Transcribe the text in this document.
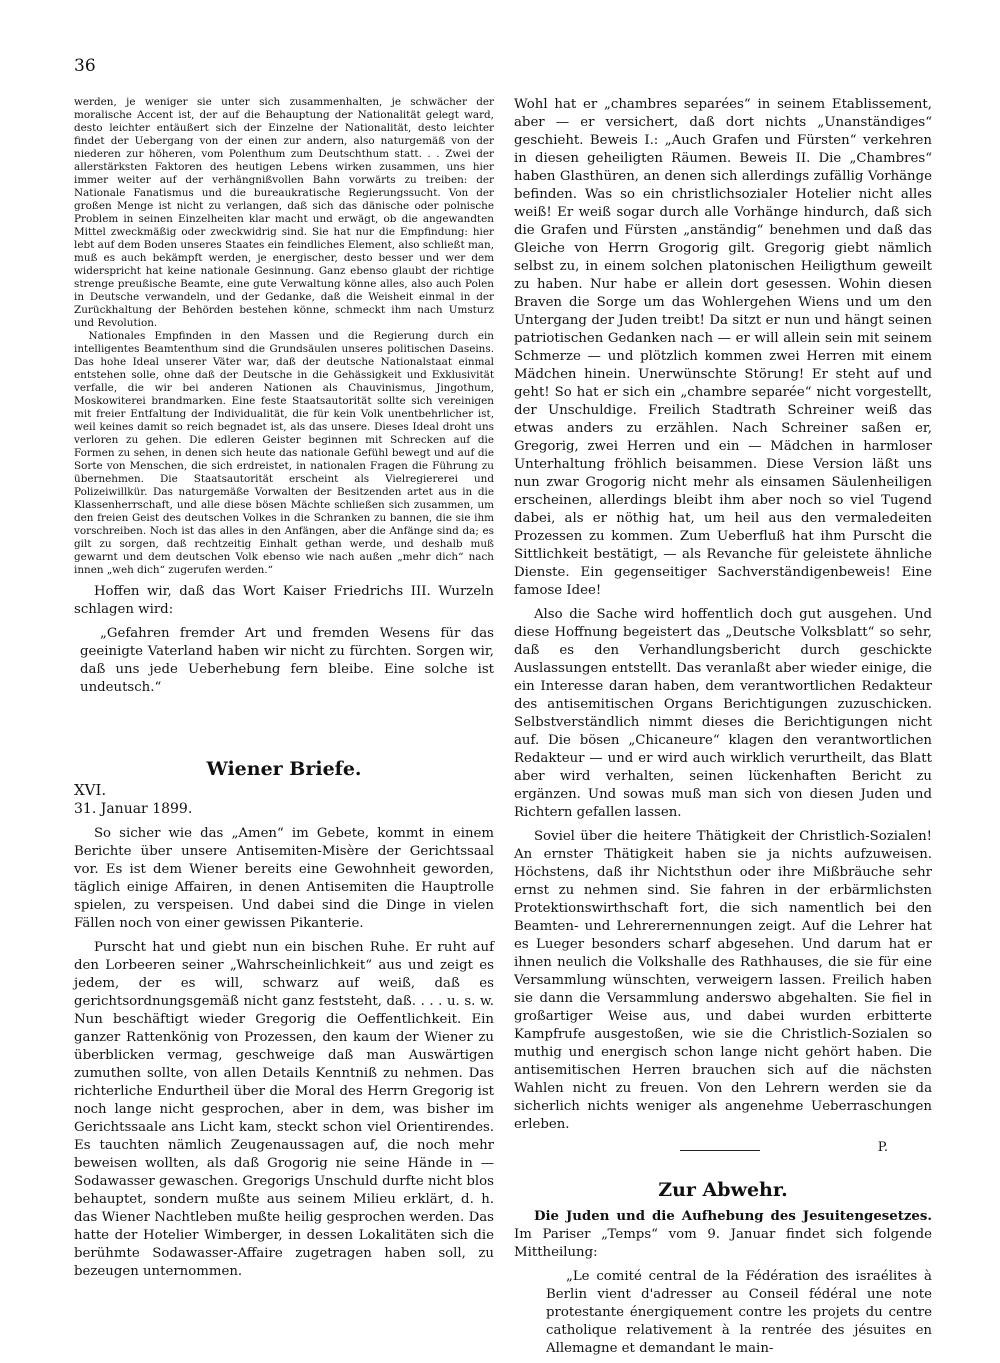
36

werden, je weniger sie unter sich zusammenhalten, je schwächer der moralische Accent ist, der auf die Behauptung der Nationalität gelegt ward, desto leichter entäußert sich der Einzelne der Nationalität, desto leichter findet der Uebergang von der einen zur andern, also naturgemäß von der niederen zur höheren, vom Polenthum zum Deutschthum statt. . . Zwei der allerstärksten Faktoren des heutigen Lebens wirken zusammen, uns hier immer weiter auf der verhängnißvollen Bahn vorwärts zu treiben: der Nationale Fanatismus und die bureaukratische Regierungssucht. Von der großen Menge ist nicht zu verlangen, daß sich das dänische oder polnische Problem in seinen Einzelheiten klar macht und erwägt, ob die angewandten Mittel zweckmäßig oder zweckwidrig sind. Sie hat nur die Empfindung: hier lebt auf dem Boden unseres Staates ein feindliches Element, also schließt man, muß es auch bekämpft werden, je energischer, desto besser und wer dem widerspricht hat keine nationale Gesinnung. Ganz ebenso glaubt der richtige strenge preußische Beamte, eine gute Verwaltung könne alles, also auch Polen in Deutsche verwandeln, und der Gedanke, daß die Weisheit einmal in der Zurückhaltung der Behörden bestehen könne, schmeckt ihm nach Umsturz und Revolution.

Nationales Empfinden in den Massen und die Regierung durch ein intelligentes Beamtenthum sind die Grundsäulen unseres politischen Daseins. Das hohe Ideal unserer Väter war, daß der deutsche Nationalstaat einmal entstehen solle, ohne daß der Deutsche in die Gehässigkeit und Exklusivität verfalle, die wir bei anderen Nationen als Chauvinismus, Jingothum, Moskowiterei brandmarken. Eine feste Staatsautorität sollte sich vereinigen mit freier Entfaltung der Individualität, die für kein Volk unentbehrlicher ist, weil keines damit so reich begnadet ist, als das unsere. Dieses Ideal droht uns verloren zu gehen. Die edleren Geister beginnen mit Schrecken auf die Formen zu sehen, in denen sich heute das nationale Gefühl bewegt und auf die Sorte von Menschen, die sich erdreistet, in nationalen Fragen die Führung zu übernehmen. Die Staatsautorität erscheint als Vielregiererei und Polizeiwillkür. Das naturgemäße Vorwalten der Besitzenden artet aus in die Klassenherrschaft, und alle diese bösen Mächte schließen sich zusammen, um den freien Geist des deutschen Volkes in die Schranken zu bannen, die sie ihm vorschreiben. Noch ist das alles in den Anfängen, aber die Anfänge sind da; es gilt zu sorgen, daß rechtzeitig Einhalt gethan werde, und deshalb muß gewarnt und dem deutschen Volk ebenso wie nach außen „mehr dich“ nach innen „weh dich“ zugerufen werden.“

Hoffen wir, daß das Wort Kaiser Friedrichs III. Wurzeln schlagen wird:

„Gefahren fremder Art und fremden Wesens für das geeinigte Vaterland haben wir nicht zu fürchten. Sorgen wir, daß uns jede Ueberhebung fern bleibe. Eine solche ist undeutsch.“

Wiener Briefe.

XVI.

31. Januar 1899.

So sicher wie das „Amen“ im Gebete, kommt in einem Berichte über unsere Antisemiten-Misère der Gerichtssaal vor. Es ist dem Wiener bereits eine Gewohnheit geworden, täglich einige Affairen, in denen Antisemiten die Hauptrolle spielen, zu verspeisen. Und dabei sind die Dinge in vielen Fällen noch von einer gewissen Pikanterie.

Purscht hat und giebt nun ein bischen Ruhe. Er ruht auf den Lorbeeren seiner „Wahrscheinlichkeit“ aus und zeigt es jedem, der es will, schwarz auf weiß, daß es gerichtsordnungsgemäß nicht ganz feststeht, daß. . . . u. s. w. Nun beschäftigt wieder Gregorig die Oeffentlichkeit. Ein ganzer Rattenkönig von Prozessen, den kaum der Wiener zu überblicken vermag, geschweige daß man Auswärtigen zumuthen sollte, von allen Details Kenntniß zu nehmen. Das richterliche Endurtheil über die Moral des Herrn Gregorig ist noch lange nicht gesprochen, aber in dem, was bisher im Gerichtssaale ans Licht kam, steckt schon viel Orientirendes. Es tauchten nämlich Zeugenaussagen auf, die noch mehr beweisen wollten, als daß Grogorig nie seine Hände in — Sodawasser gewaschen. Gregorigs Unschuld durfte nicht blos behauptet, sondern mußte aus seinem Milieu erklärt, d. h. das Wiener Nachtleben mußte heilig gesprochen werden. Das hatte der Hotelier Wimberger, in dessen Lokalitäten sich die berühmte Sodawasser-Affaire zugetragen haben soll, zu bezeugen unternommen.

Wohl hat er „chambres separées“ in seinem Etablissement, aber — er versichert, daß dort nichts „Unanständiges“ geschieht. Beweis I.: „Auch Grafen und Fürsten“ verkehren in diesen geheiligten Räumen. Beweis II. Die „Chambres“ haben Glasthüren, an denen sich allerdings zufällig Vorhänge befinden. Was so ein christlichsozialer Hotelier nicht alles weiß! Er weiß sogar durch alle Vorhänge hindurch, daß sich die Grafen und Fürsten „anständig“ benehmen und daß das Gleiche von Herrn Grogorig gilt. Gregorig giebt nämlich selbst zu, in einem solchen platonischen Heiligthum geweilt zu haben. Nur habe er allein dort gesessen. Wohin diesen Braven die Sorge um das Wohlergehen Wiens und um den Untergang der Juden treibt! Da sitzt er nun und hängt seinen patriotischen Gedanken nach — er will allein sein mit seinem Schmerze — und plötzlich kommen zwei Herren mit einem Mädchen hinein. Unerwünschte Störung! Er steht auf und geht! So hat er sich ein „chambre separée“ nicht vorgestellt, der Unschuldige. Freilich Stadtrath Schreiner weiß das etwas anders zu erzählen. Nach Schreiner saßen er, Gregorig, zwei Herren und ein — Mädchen in harmloser Unterhaltung fröhlich beisammen. Diese Version läßt uns nun zwar Grogorig nicht mehr als einsamen Säulenheiligen erscheinen, allerdings bleibt ihm aber noch so viel Tugend dabei, als er nöthig hat, um heil aus den vermaledeiten Prozessen zu kommen. Zum Ueberfluß hat ihm Purscht die Sittlichkeit bestätigt, — als Revanche für geleistete ähnliche Dienste. Ein gegenseitiger Sachverständigenbeweis! Eine famose Idee!

Also die Sache wird hoffentlich doch gut ausgehen. Und diese Hoffnung begeistert das „Deutsche Volksblatt“ so sehr, daß es den Verhandlungsbericht durch geschickte Auslassungen entstellt. Das veranlaßt aber wieder einige, die ein Interesse daran haben, dem verantwortlichen Redakteur des antisemitischen Organs Berichtigungen zuzuschicken. Selbstverständlich nimmt dieses die Berichtigungen nicht auf. Die bösen „Chicaneure“ klagen den verantwortlichen Redakteur — und er wird auch wirklich verurtheilt, das Blatt aber wird verhalten, seinen lückenhaften Bericht zu ergänzen. Und sowas muß man sich von diesen Juden und Richtern gefallen lassen.

Soviel über die heitere Thätigkeit der Christlich-Sozialen! An ernster Thätigkeit haben sie ja nichts aufzuweisen. Höchstens, daß ihr Nichtsthun oder ihre Mißbräuche sehr ernst zu nehmen sind. Sie fahren in der erbärmlichsten Protektionswirthschaft fort, die sich namentlich bei den Beamten- und Lehrerernennungen zeigt. Auf die Lehrer hat es Lueger besonders scharf abgesehen. Und darum hat er ihnen neulich die Volkshalle des Rathhauses, die sie für eine Versammlung wünschten, verweigern lassen. Freilich haben sie dann die Versammlung anderswo abgehalten. Sie fiel in großartiger Weise aus, und dabei wurden erbitterte Kampfrufe ausgestoßen, wie sie die Christlich-Sozialen so muthig und energisch schon lange nicht gehört haben. Die antisemitischen Herren brauchen sich auf die nächsten Wahlen nicht zu freuen. Von den Lehrern werden sie da sicherlich nichts weniger als angenehme Ueberraschungen erleben.

P.
Zur Abwehr.

Die Juden und die Aufhebung des Jesuitengesetzes. Im Pariser „Temps“ vom 9. Januar findet sich folgende Mittheilung:

„Le comité central de la Fédération des israélites à Berlin vient d'adresser au Conseil fédéral une note protestante énergiquement contre les projets du centre catholique relativement à la rentrée des jésuites en Allemagne et demandant le main-
